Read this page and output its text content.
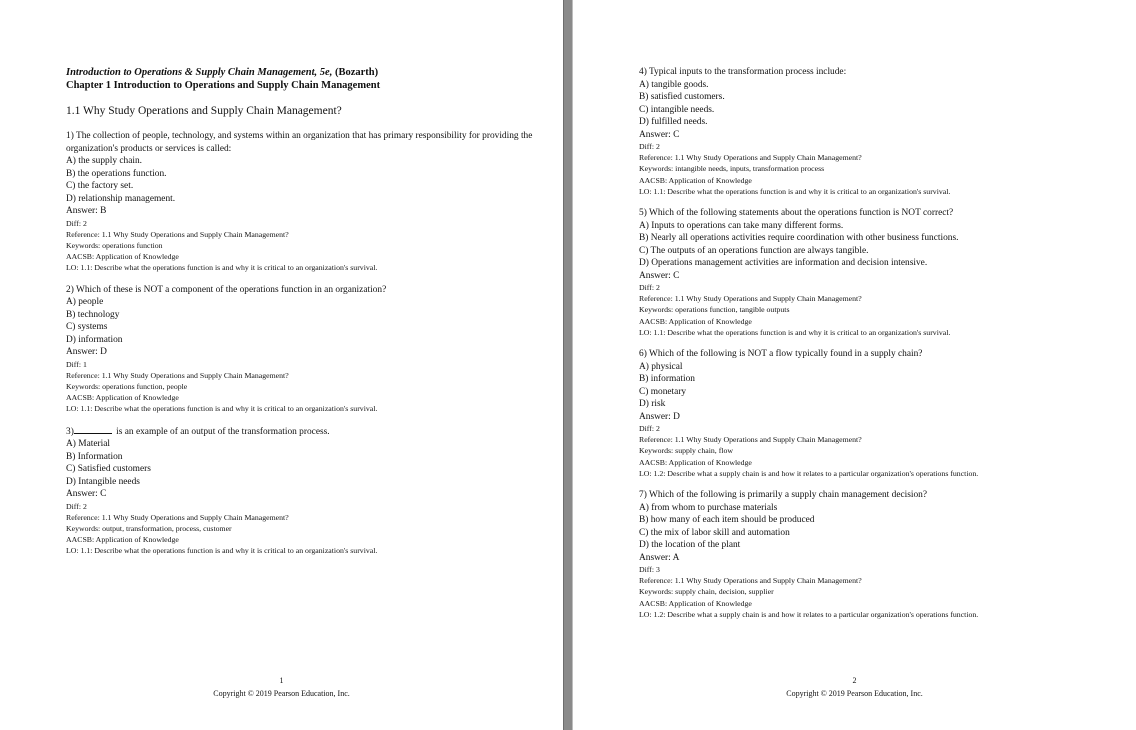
Introduction to Operations & Supply Chain Management, 5e, (Bozarth)
Chapter 1 Introduction to Operations and Supply Chain Management
1.1 Why Study Operations and Supply Chain Management?
1) The collection of people, technology, and systems within an organization that has primary responsibility for providing the organization's products or services is called:
A) the supply chain.
B) the operations function.
C) the factory set.
D) relationship management.
Answer: B
Diff: 2
Reference: 1.1 Why Study Operations and Supply Chain Management?
Keywords: operations function
AACSB: Application of Knowledge
LO: 1.1: Describe what the operations function is and why it is critical to an organization's survival.
2) Which of these is NOT a component of the operations function in an organization?
A) people
B) technology
C) systems
D) information
Answer: D
Diff: 1
Reference: 1.1 Why Study Operations and Supply Chain Management?
Keywords: operations function, people
AACSB: Application of Knowledge
LO: 1.1: Describe what the operations function is and why it is critical to an organization's survival.
3)	is an example of an output of the transformation process.
A) Material
B) Information
C) Satisfied customers
D) Intangible needs
Answer: C
Diff: 2
Reference: 1.1 Why Study Operations and Supply Chain Management?
Keywords: output, transformation, process, customer
AACSB: Application of Knowledge
LO: 1.1: Describe what the operations function is and why it is critical to an organization's survival.
1
Copyright © 2019 Pearson Education, Inc.
4) Typical inputs to the transformation process include:
A) tangible goods.
B) satisfied customers.
C) intangible needs.
D) fulfilled needs.
Answer: C
Diff: 2
Reference: 1.1 Why Study Operations and Supply Chain Management?
Keywords: intangible needs, inputs, transformation process
AACSB: Application of Knowledge
LO: 1.1: Describe what the operations function is and why it is critical to an organization's survival.
5) Which of the following statements about the operations function is NOT correct?
A) Inputs to operations can take many different forms.
B) Nearly all operations activities require coordination with other business functions.
C) The outputs of an operations function are always tangible.
D) Operations management activities are information and decision intensive.
Answer: C
Diff: 2
Reference: 1.1 Why Study Operations and Supply Chain Management?
Keywords: operations function, tangible outputs
AACSB: Application of Knowledge
LO: 1.1: Describe what the operations function is and why it is critical to an organization's survival.
6) Which of the following is NOT a flow typically found in a supply chain?
A) physical
B) information
C) monetary
D) risk
Answer: D
Diff: 2
Reference: 1.1 Why Study Operations and Supply Chain Management?
Keywords: supply chain, flow
AACSB: Application of Knowledge
LO: 1.2: Describe what a supply chain is and how it relates to a particular organization's operations function.
7) Which of the following is primarily a supply chain management decision?
A) from whom to purchase materials
B) how many of each item should be produced
C) the mix of labor skill and automation
D) the location of the plant
Answer: A
Diff: 3
Reference: 1.1 Why Study Operations and Supply Chain Management?
Keywords: supply chain, decision, supplier
AACSB: Application of Knowledge
LO: 1.2: Describe what a supply chain is and how it relates to a particular organization's operations function.
2
Copyright © 2019 Pearson Education, Inc.
